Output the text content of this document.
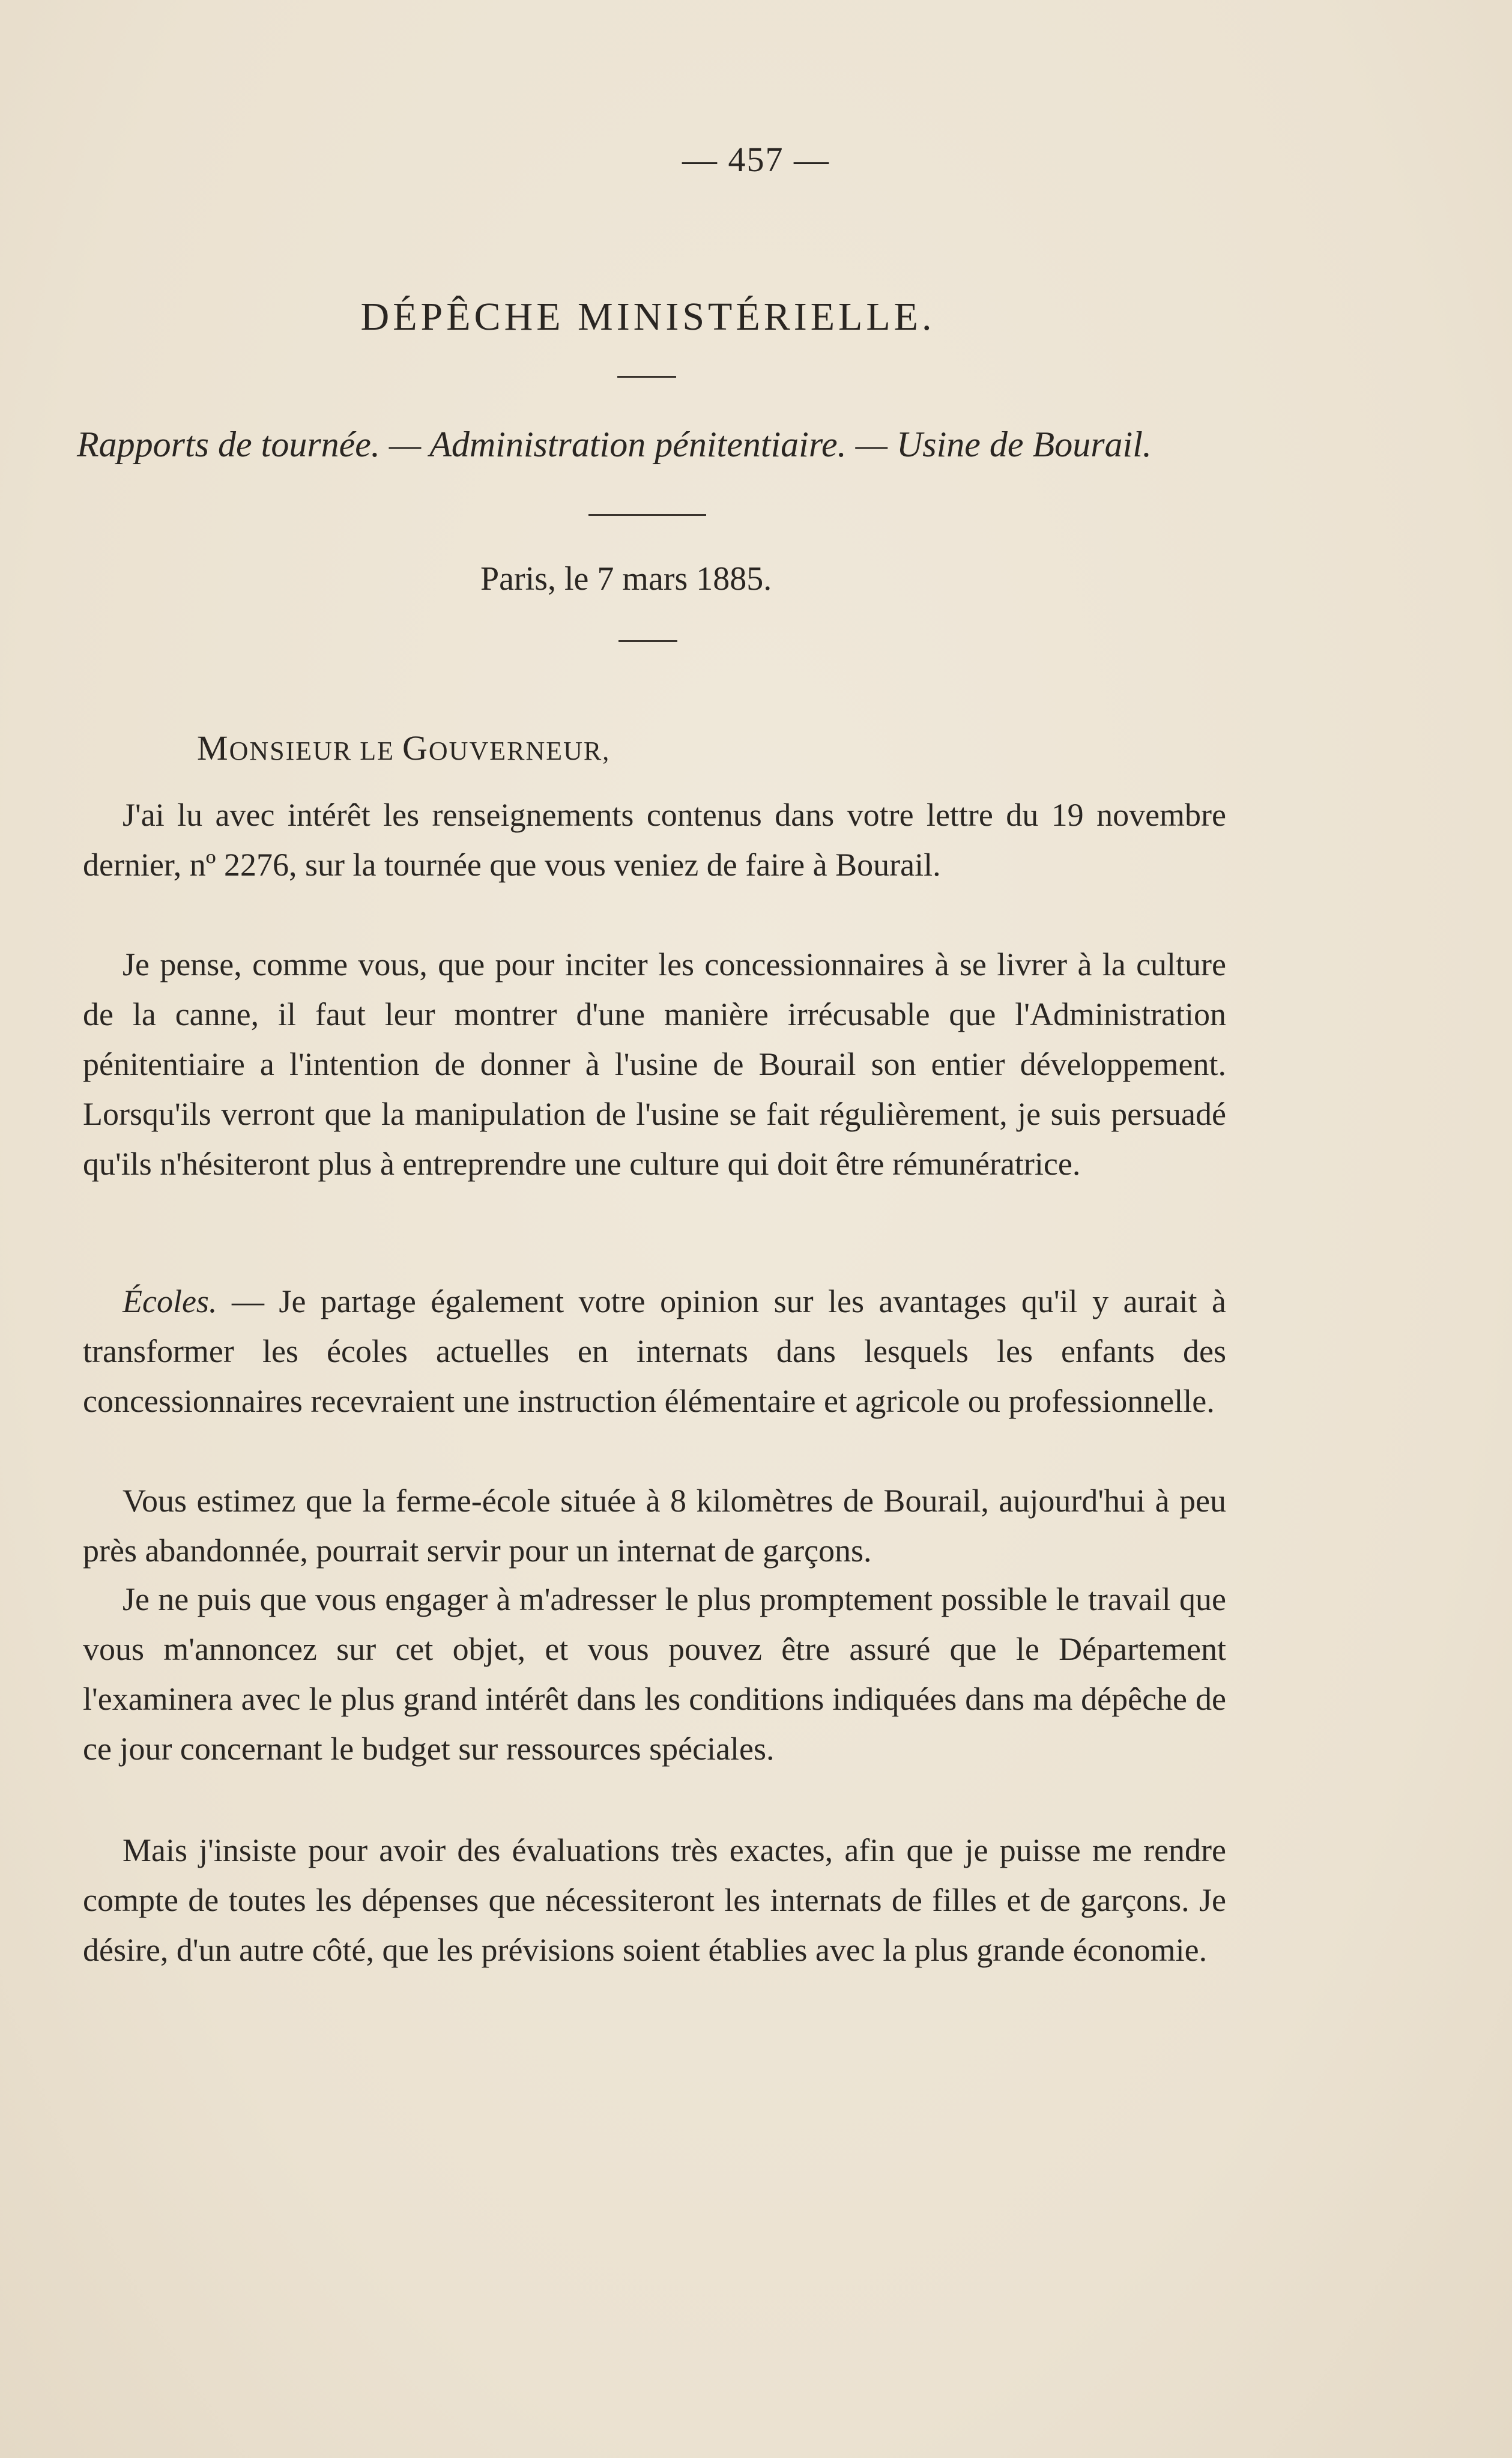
— 457 —
DÉPÊCHE MINISTÉRIELLE.
Rapports de tournée. — Administration pénitentiaire. — Usine de Bourail.
Paris, le 7 mars 1885.
MONSIEUR LE GOUVERNEUR,

J'ai lu avec intérêt les renseignements contenus dans votre lettre du 19 novembre dernier, nº 2276, sur la tournée que vous veniez de faire à Bourail.

Je pense, comme vous, que pour inciter les concessionnaires à se livrer à la culture de la canne, il faut leur montrer d'une manière irrécusable que l'Administration pénitentiaire a l'intention de donner à l'usine de Bourail son entier développement. Lorsqu'ils verront que la manipulation de l'usine se fait régulièrement, je suis persuadé qu'ils n'hésiteront plus à entreprendre une culture qui doit être rémunératrice.

Écoles. — Je partage également votre opinion sur les avantages qu'il y aurait à transformer les écoles actuelles en internats dans lesquels les enfants des concessionnaires recevraient une instruction élémentaire et agricole ou professionnelle.

Vous estimez que la ferme-école située à 8 kilomètres de Bourail, aujourd'hui à peu près abandonnée, pourrait servir pour un internat de garçons.

Je ne puis que vous engager à m'adresser le plus promptement possible le travail que vous m'annoncez sur cet objet, et vous pouvez être assuré que le Département l'examinera avec le plus grand intérêt dans les conditions indiquées dans ma dépêche de ce jour concernant le budget sur ressources spéciales.

Mais j'insiste pour avoir des évaluations très exactes, afin que je puisse me rendre compte de toutes les dépenses que nécessiteront les internats de filles et de garçons. Je désire, d'un autre côté, que les prévisions soient établies avec la plus grande économie.
